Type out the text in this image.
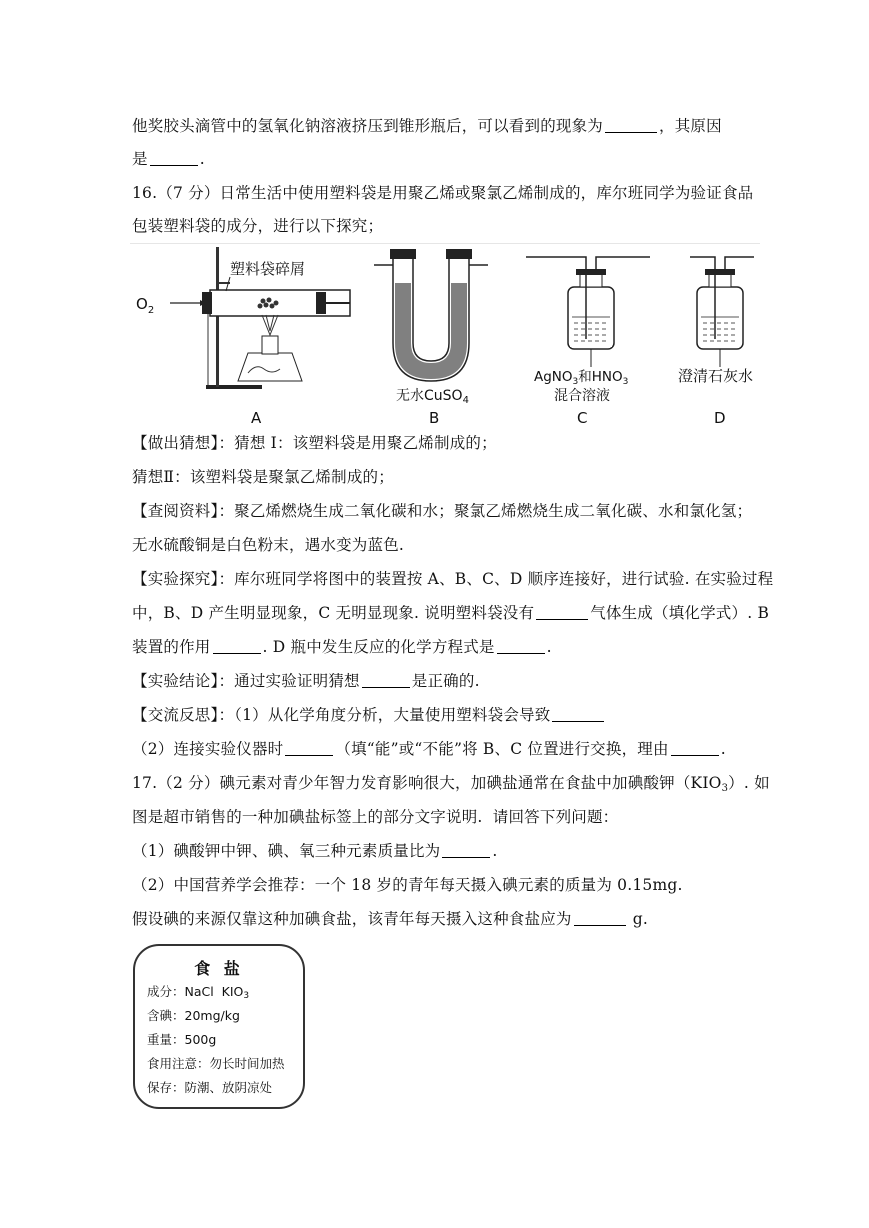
他奖胶头滴管中的氢氧化钠溶液挤压到锥形瓶后，可以看到的现象为	，其原因
是	.
16.（7 分）日常生活中使用塑料袋是用聚乙烯或聚氯乙烯制成的，库尔班同学为验证食品
包装塑料袋的成分，进行以下探究；
塑料袋碎屑
$O_2$
无水CuSO$_4$
AgNO$_3$和$HNO_3$
混合溶液
澄清石灰水
A	B	C	D
【做出猜想】：猜想 Ⅰ：该塑料袋是用聚乙烯制成的；
猜想Ⅱ：该塑料袋是聚氯乙烯制成的；
【查阅资料】：聚乙烯燃烧生成二氧化碳和水；聚氯乙烯燃烧生成二氧化碳、水和氯化氢；
无水硫酸铜是白色粉末，遇水变为蓝色.
【实验探究】：库尔班同学将图中的装置按 A、B、C、D 顺序连接好，进行试验. 在实验过程
中，B、D 产生明显现象，C 无明显现象. 说明塑料袋没有	气体生成（填化学式）. B
装置的作用	. D 瓶中发生反应的化学方程式是	.
【实验结论】：通过实验证明猜想	是正确的.
【交流反思】：（1）从化学角度分析，大量使用塑料袋会导致
（2）连接实验仪器时	（填“能”或“不能”将 B、C 位置进行交换，理由	.
17.（2 分）碘元素对青少年智力发育影响很大，加碘盐通常在食盐中加碘酸钾（KIO3）. 如
图是超市销售的一种加碘盐标签上的部分文字说明.  请回答下列问题：
（1）碘酸钾中钾、碘、氧三种元素质量比为	.
（2）中国营养学会推荐：一个 18 岁的青年每天摄入碘元素的质量为 0.15mg.
假设碘的来源仅靠这种加碘食盐，该青年每天摄入这种食盐应为	g.
食 盐
成分：NaCl  KIO3
含碘：20mg/kg
重量：500g
食用注意：勿长时间加热
保存：防潮、放阴凉处
